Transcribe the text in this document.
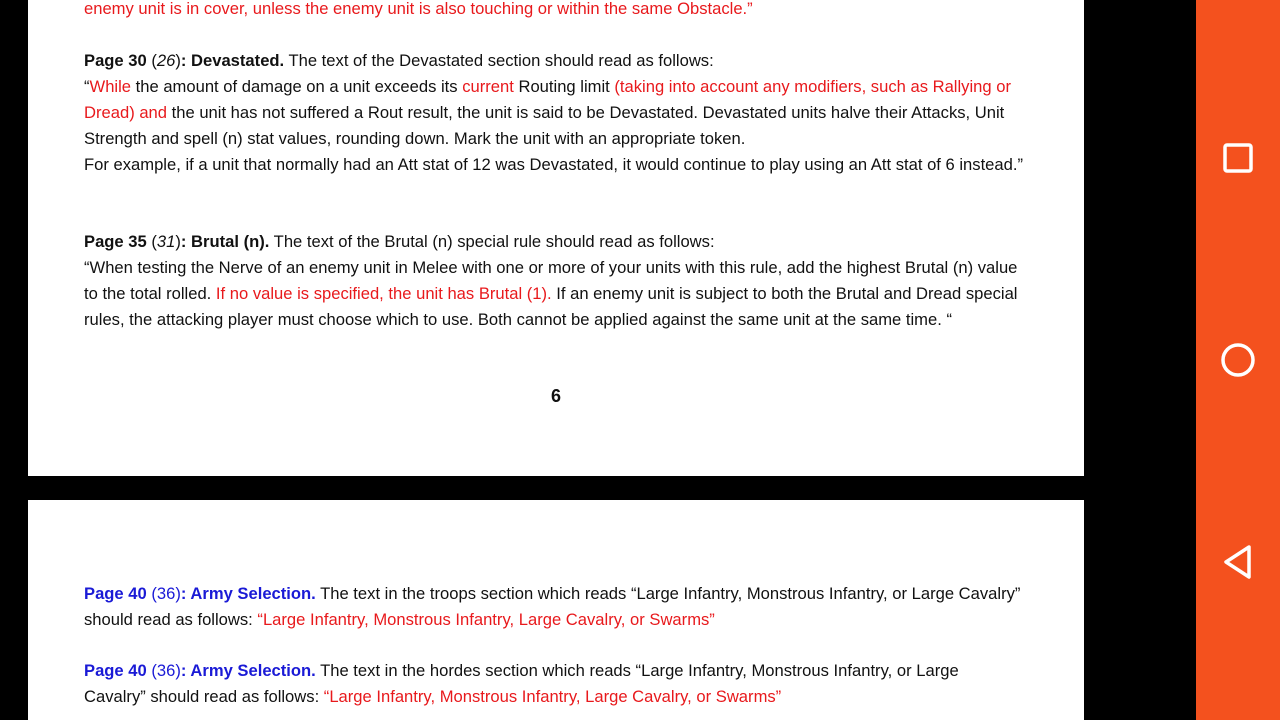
enemy unit is in cover, unless the enemy unit is also touching or within the same Obstacle.”
Page 30 (26): Devastated. The text of the Devastated section should read as follows:
“While the amount of damage on a unit exceeds its current Routing limit (taking into account any modifiers, such as Rallying or Dread) and the unit has not suffered a Rout result, the unit is said to be Devastated. Devastated units halve their Attacks, Unit Strength and spell (n) stat values, rounding down. Mark the unit with an appropriate token.
For example, if a unit that normally had an Att stat of 12 was Devastated, it would continue to play using an Att stat of 6 instead.”
Page 35 (31): Brutal (n). The text of the Brutal (n) special rule should read as follows:
“When testing the Nerve of an enemy unit in Melee with one or more of your units with this rule, add the highest Brutal (n) value to the total rolled. If no value is specified, the unit has Brutal (1). If an enemy unit is subject to both the Brutal and Dread special rules, the attacking player must choose which to use. Both cannot be applied against the same unit at the same time. “
6
Page 40 (36): Army Selection. The text in the troops section which reads “Large Infantry, Monstrous Infantry, or Large Cavalry” should read as follows: “Large Infantry, Monstrous Infantry, Large Cavalry, or Swarms”
Page 40 (36): Army Selection. The text in the hordes section which reads “Large Infantry, Monstrous Infantry, or Large Cavalry” should read as follows: “Large Infantry, Monstrous Infantry, Large Cavalry, or Swarms”
